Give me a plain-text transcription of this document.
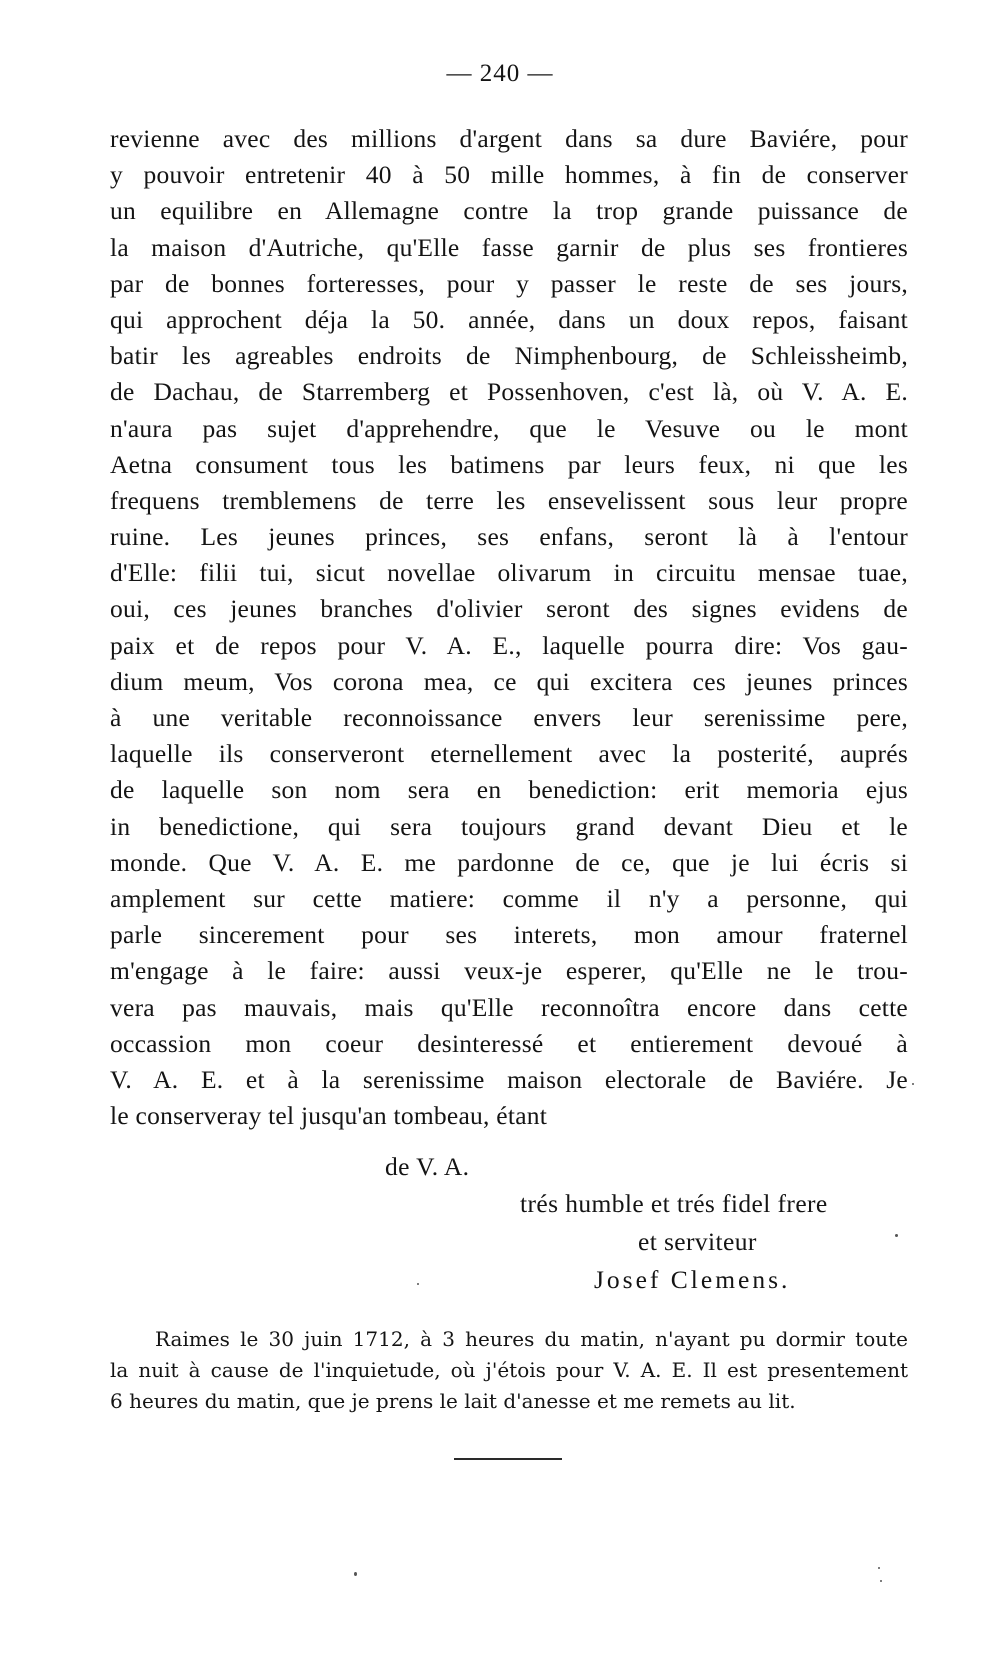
— 240 —
revienne avec des millions d'argent dans sa dure Baviére, pour
y pouvoir entretenir 40 à 50 mille hommes, à fin de conserver
un equilibre en Allemagne contre la trop grande puissance de
la maison d'Autriche, qu'Elle fasse garnir de plus ses frontieres
par de bonnes forteresses, pour y passer le reste de ses jours,
qui approchent déja la 50. année, dans un doux repos, faisant
batir les agreables endroits de Nimphenbourg, de Schleissheimb,
de Dachau, de Starremberg et Possenhoven, c'est là, où V. A. E.
n'aura pas sujet d'apprehendre, que le Vesuve ou le mont
Aetna consument tous les batimens par leurs feux, ni que les
frequens tremblemens de terre les ensevelissent sous leur propre
ruine. Les jeunes princes, ses enfans, seront là à l'entour
d'Elle: filii tui, sicut novellae olivarum in circuitu mensae tuae,
oui, ces jeunes branches d'olivier seront des signes evidens de
paix et de repos pour V. A. E., laquelle pourra dire: Vos gau-
dium meum, Vos corona mea, ce qui excitera ces jeunes princes
à une veritable reconnoissance envers leur serenissime pere,
laquelle ils conserveront eternellement avec la posterité, auprés
de laquelle son nom sera en benediction: erit memoria ejus
in benedictione, qui sera toujours grand devant Dieu et le
monde. Que V. A. E. me pardonne de ce, que je lui écris si
amplement sur cette matiere: comme il n'y a personne, qui
parle sincerement pour ses interets, mon amour fraternel
m'engage à le faire: aussi veux-je esperer, qu'Elle ne le trou-
vera pas mauvais, mais qu'Elle reconnoîtra encore dans cette
occassion mon coeur desinteressé et entierement devoué à
V. A. E. et à la serenissime maison electorale de Baviére. Je
le conserveray tel jusqu'an tombeau, étant
de V. A.
trés humble et trés fidel frere
et serviteur
Josef Clemens.
Raimes le 30 juin 1712, à 3 heures du matin, n'ayant pu dormir toute
la nuit à cause de l'inquietude, où j'étois pour V. A. E. Il est presentement
6 heures du matin, que je prens le lait d'anesse et me remets au lit.
